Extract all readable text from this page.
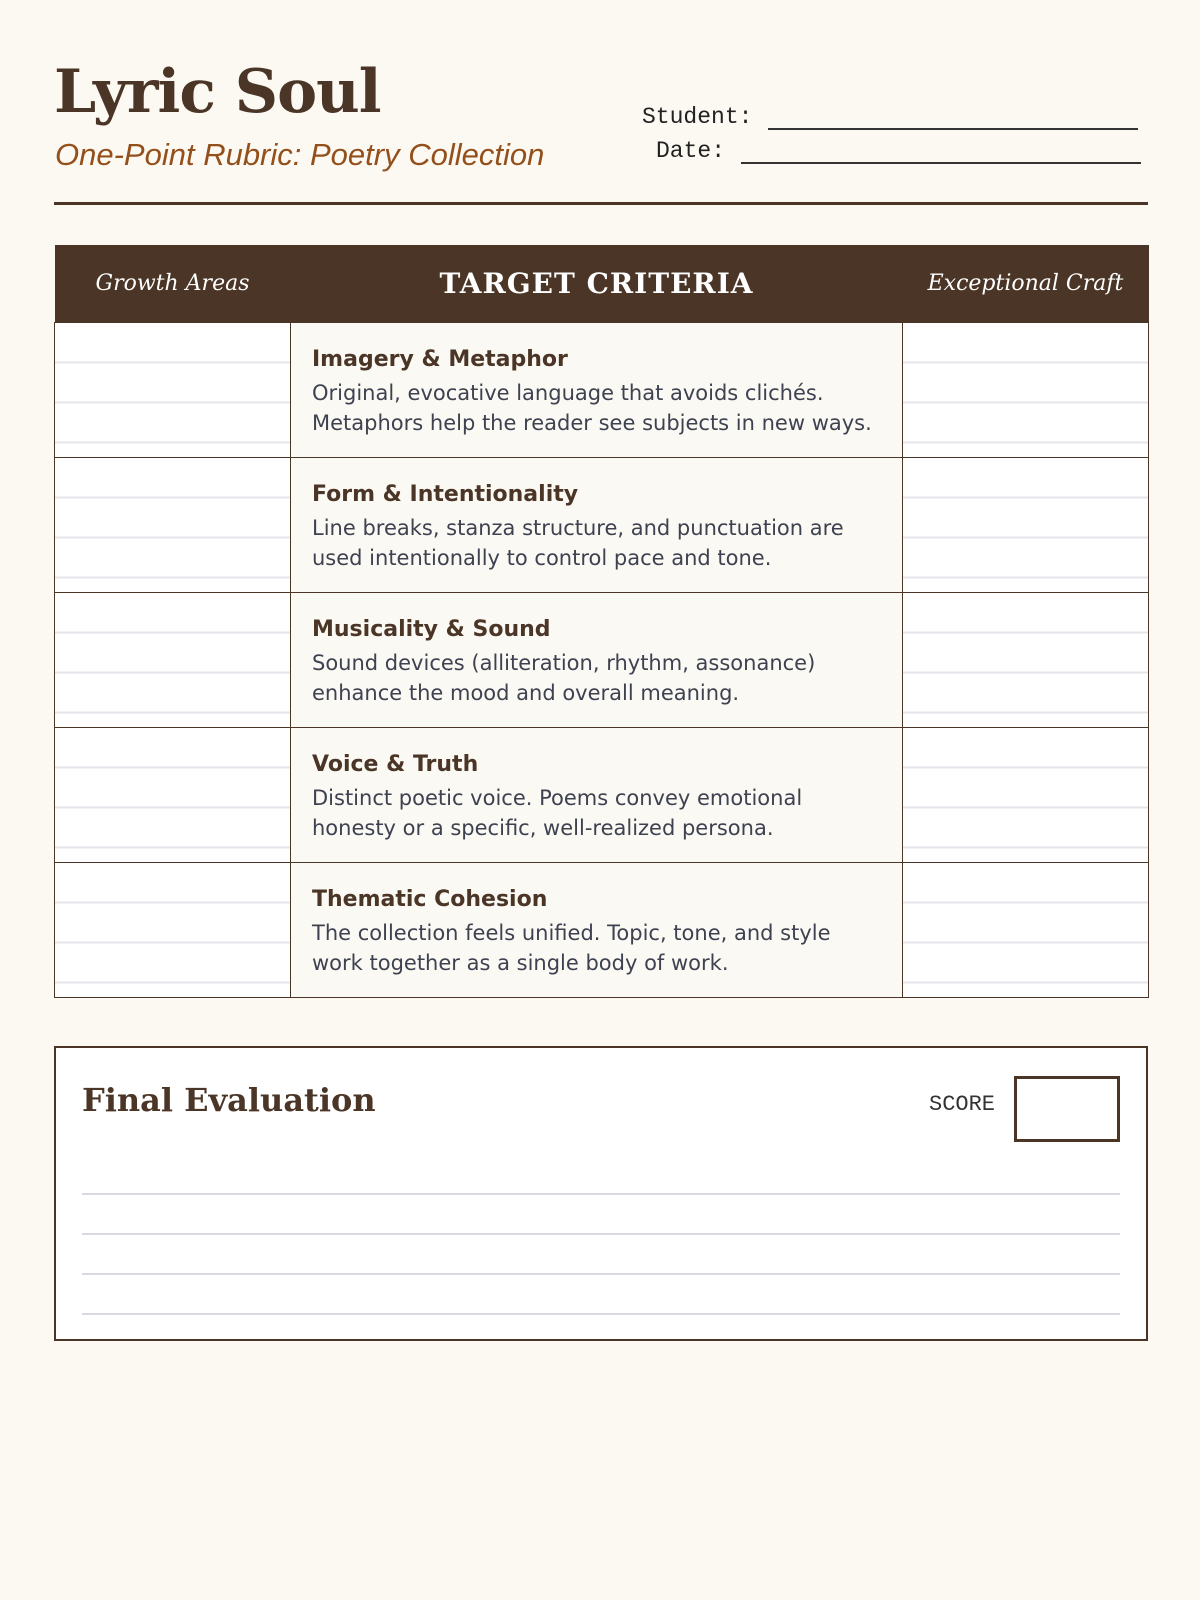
Lyric Soul
One-Point Rubric: Poetry Collection
Student:
Date:
Growth Areas	TARGET CRITERIA	Exceptional Craft

	Imagery & Metaphor
Original, evocative language that avoids clichés. Metaphors help the reader see subjects in new ways.	

	Form & Intentionality
Line breaks, stanza structure, and punctuation are used intentionally to control pace and tone.	

	Musicality & Sound
Sound devices (alliteration, rhythm, assonance) enhance the mood and overall meaning.	

	Voice & Truth
Distinct poetic voice. Poems convey emotional honesty or a specific, well-realized persona.	

	Thematic Cohesion
The collection feels unified. Topic, tone, and style work together as a single body of work.	

Final Evaluation	SCORE
